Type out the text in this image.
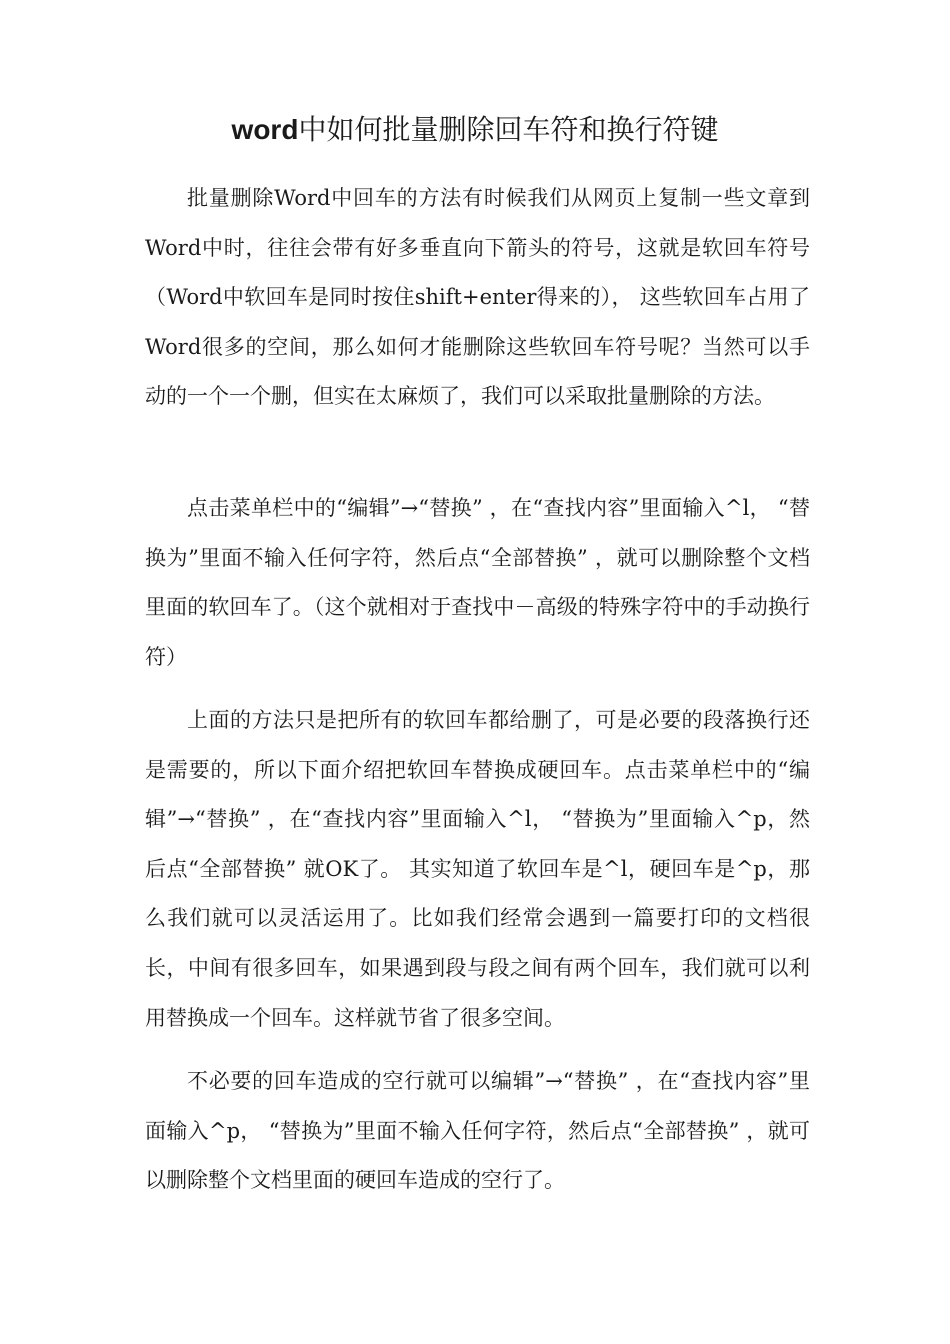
word中如何批量删除回车符和换行符键

批量删除Word中回车的方法有时候我们从网页上复制一些文章到Word中时，往往会带有好多垂直向下箭头的符号，这就是软回车符号（Word中软回车是同时按住shift+enter得来的）， 这些软回车占用了Word很多的空间，那么如何才能删除这些软回车符号呢？当然可以手动的一个一个删，但实在太麻烦了，我们可以采取批量删除的方法。

点击菜单栏中的“编辑”→“替换” ，在“查找内容”里面输入^l， “替换为”里面不输入任何字符，然后点“全部替换” ，就可以删除整个文档里面的软回车了。（这个就相对于查找中－高级的特殊字符中的手动换行符）

上面的方法只是把所有的软回车都给删了，可是必要的段落换行还是需要的，所以下面介绍把软回车替换成硬回车。点击菜单栏中的“编辑”→“替换” ，在“查找内容”里面输入^l， “替换为”里面输入^p，然后点“全部替换” 就OK了。 其实知道了软回车是^l，硬回车是^p，那么我们就可以灵活运用了。比如我们经常会遇到一篇要打印的文档很长，中间有很多回车，如果遇到段与段之间有两个回车，我们就可以利用替换成一个回车。这样就节省了很多空间。

不必要的回车造成的空行就可以编辑”→“替换” ，在“查找内容”里面输入^p， “替换为”里面不输入任何字符，然后点“全部替换” ，就可以删除整个文档里面的硬回车造成的空行了。
